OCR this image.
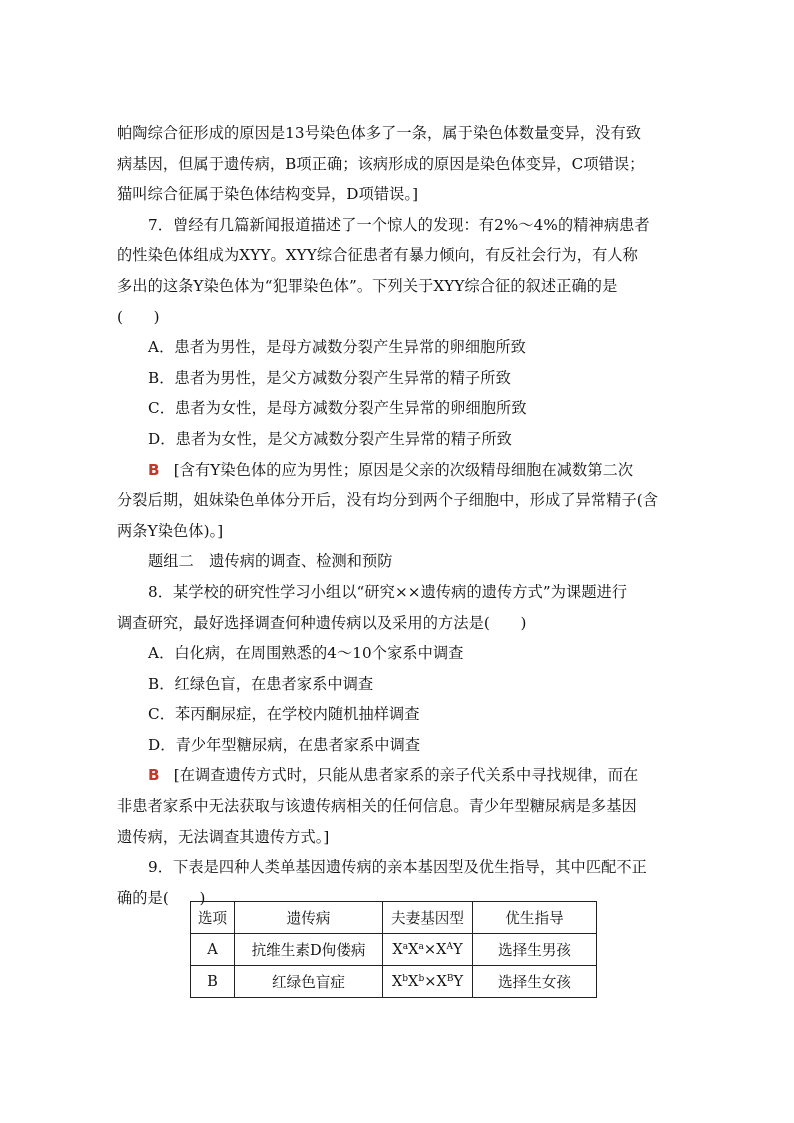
帕陶综合征形成的原因是13号染色体多了一条，属于染色体数量变异，没有致
病基因，但属于遗传病，B项正确；该病形成的原因是染色体变异，C项错误；
猫叫综合征属于染色体结构变异，D项错误。]
7．曾经有几篇新闻报道描述了一个惊人的发现：有2%～4%的精神病患者
的性染色体组成为XYY。XYY综合征患者有暴力倾向，有反社会行为，有人称
多出的这条Y染色体为“犯罪染色体”。下列关于XYY综合征的叙述正确的是
(　　)
A．患者为男性，是母方减数分裂产生异常的卵细胞所致
B．患者为男性，是父方减数分裂产生异常的精子所致
C．患者为女性，是母方减数分裂产生异常的卵细胞所致
D．患者为女性，是父方减数分裂产生异常的精子所致
B [含有Y染色体的应为男性；原因是父亲的次级精母细胞在减数第二次
分裂后期，姐妹染色单体分开后，没有均分到两个子细胞中，形成了异常精子(含
两条Y染色体)。]
题组二　遗传病的调查、检测和预防
8．某学校的研究性学习小组以“研究××遗传病的遗传方式”为课题进行
调查研究，最好选择调查何种遗传病以及采用的方法是(　　)
A．白化病，在周围熟悉的4～10个家系中调查
B．红绿色盲，在患者家系中调查
C．苯丙酮尿症，在学校内随机抽样调查
D．青少年型糖尿病，在患者家系中调查
B [在调查遗传方式时，只能从患者家系的亲子代关系中寻找规律，而在
非患者家系中无法获取与该遗传病相关的任何信息。青少年型糖尿病是多基因
遗传病，无法调查其遗传方式。]
9．下表是四种人类单基因遗传病的亲本基因型及优生指导，其中匹配不正
确的是(　　)
选项	遗传病	夫妻基因型	优生指导
A	抗维生素D佝偻病	$X^aX^a\times X^AY$	选择生男孩
B	红绿色盲症	$X^bX^b\times X^BY$	选择生女孩
